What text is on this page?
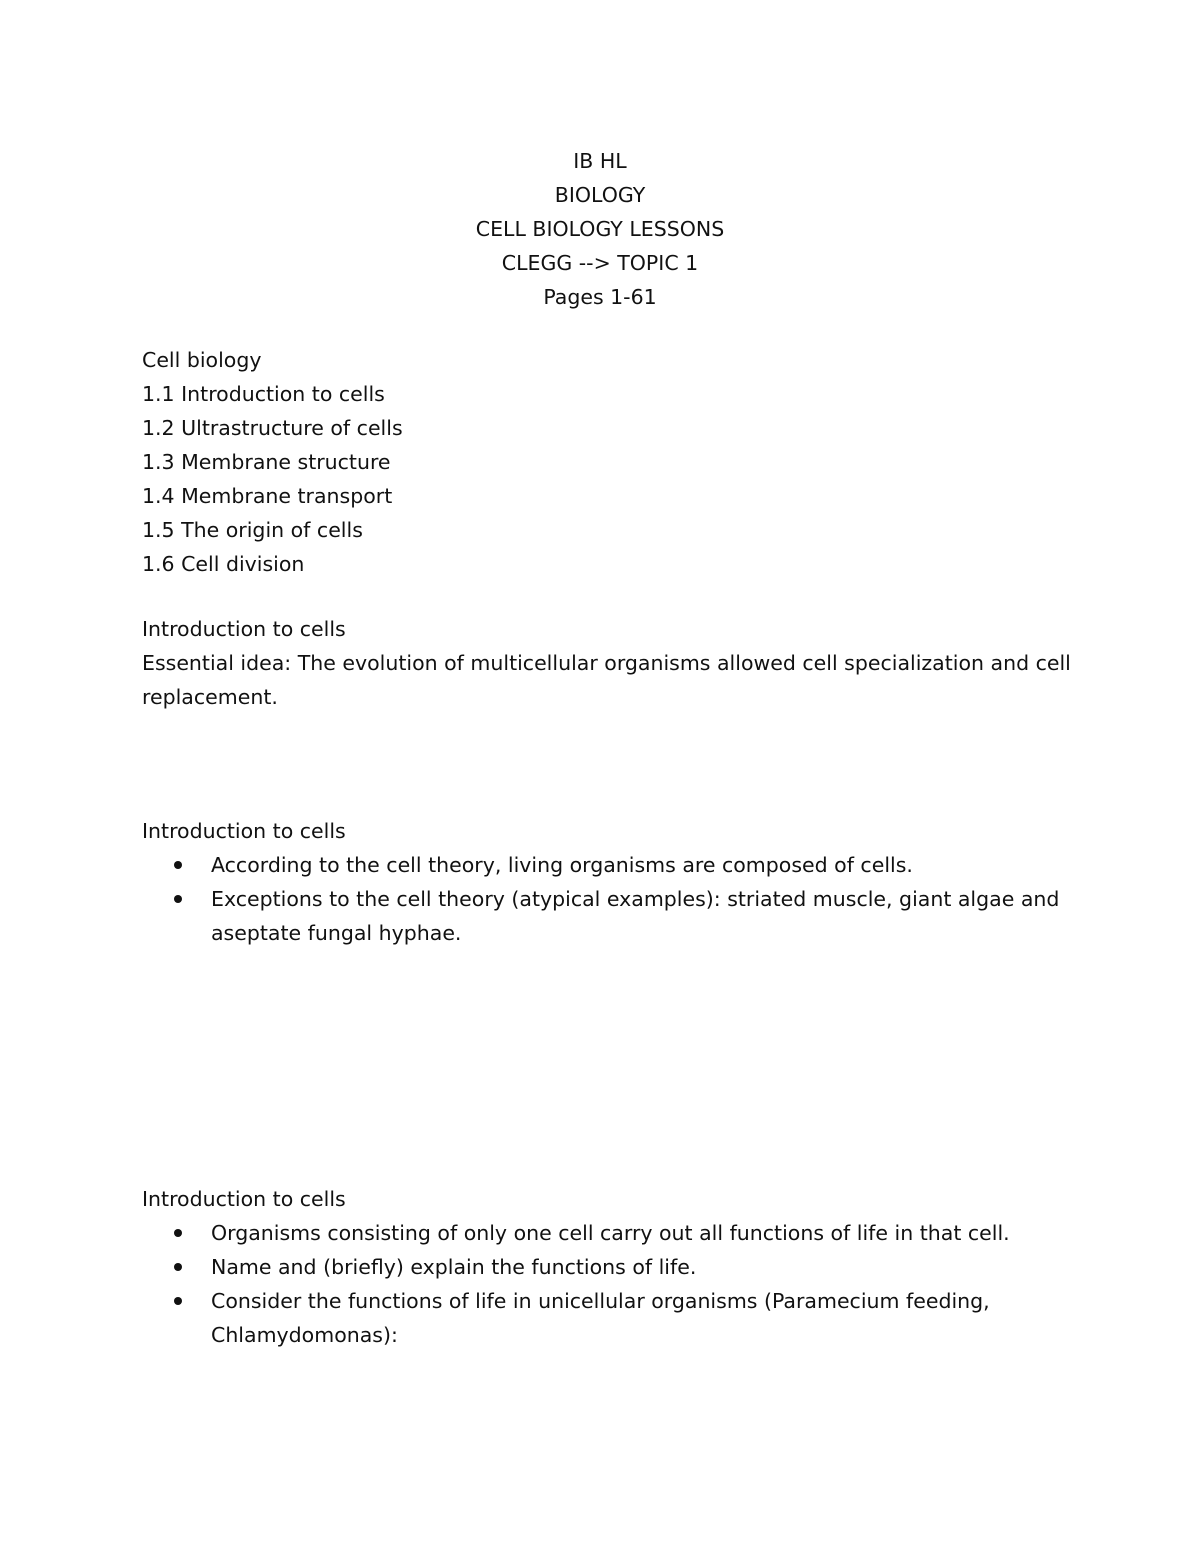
IB HL
BIOLOGY
CELL BIOLOGY LESSONS
CLEGG --> TOPIC 1
Pages 1-61
Cell biology
1.1 Introduction to cells
1.2 Ultrastructure of cells
1.3 Membrane structure
1.4 Membrane transport
1.5 The origin of cells
1.6 Cell division
Introduction to cells
Essential idea: The evolution of multicellular organisms allowed cell specialization and cell replacement.
Introduction to cells
According to the cell theory, living organisms are composed of cells.
Exceptions to the cell theory (atypical examples): striated muscle, giant algae and aseptate fungal hyphae.
Introduction to cells
Organisms consisting of only one cell carry out all functions of life in that cell.
Name and (briefly) explain the functions of life.
Consider the functions of life in unicellular organisms (Paramecium feeding, Chlamydomonas):
